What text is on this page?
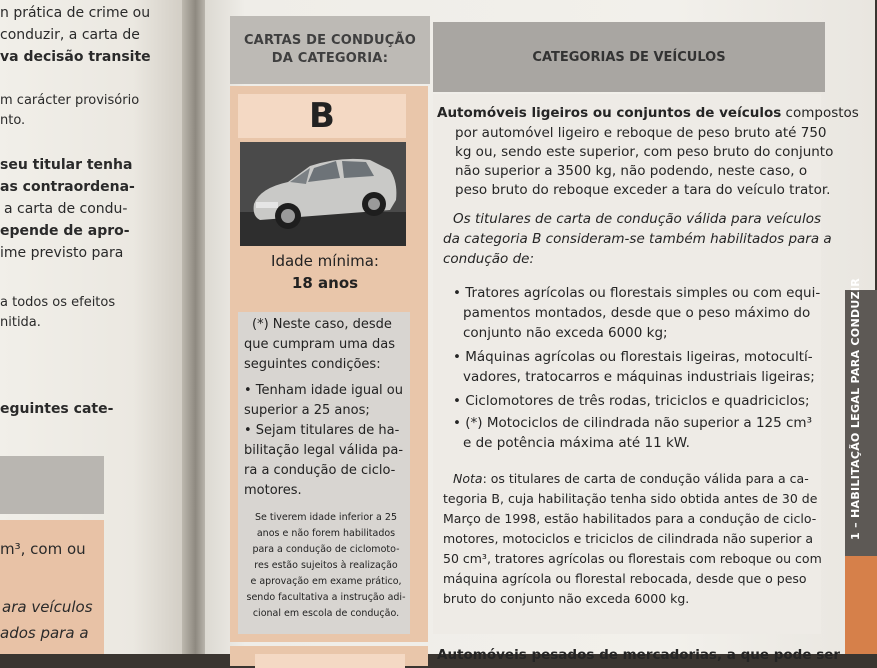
n prática de crime ou
conduzir, a carta de
va decisão transite
m carácter provisório
nto.
seu titular tenha
as contraordena-
a carta de condu-
epende de apro-
ime previsto para
a todos os efeitos
nitida.
eguintes cate-
m³, com ou
ara veículos
ados para a
CARTAS DE CONDUÇÃO
DA CATEGORIA:	CATEGORIAS DE VEÍCULOS
B
Idade mínima:
18 anos
(*) Neste caso, desde
que cumpram uma das
seguintes condições:
• Tenham idade igual ou
superior a 25 anos;
• Sejam titulares de ha-
bilitação legal válida pa-
ra a condução de ciclo-
motores.
Se tiverem idade inferior a 25
anos e não forem habilitados
para a condução de ciclomoto-
res estão sujeitos à realização
e aprovação em exame prático,
sendo facultativa a instrução adi-
cional em escola de condução.
Automóveis ligeiros ou conjuntos de veículos compostos
por automóvel ligeiro e reboque de peso bruto até 750
kg ou, sendo este superior, com peso bruto do conjunto
não superior a 3500 kg, não podendo, neste caso, o
peso bruto do reboque exceder a tara do veículo trator.
Os titulares de carta de condução válida para veículos
da categoria B consideram-se também habilitados para a
condução de:
• Tratores agrícolas ou florestais simples ou com equi-
pamentos montados, desde que o peso máximo do
conjunto não exceda 6000 kg;
• Máquinas agrícolas ou florestais ligeiras, motocultí-
vadores, tratocarros e máquinas industriais ligeiras;
• Ciclomotores de três rodas, triciclos e quadriciclos;
• (*) Motociclos de cilindrada não superior a 125 cm³
e de potência máxima até 11 kW.
Nota: os titulares de carta de condução válida para a ca-
tegoria B, cuja habilitação tenha sido obtida antes de 30 de
Março de 1998, estão habilitados para a condução de ciclo-
motores, motociclos e triciclos de cilindrada não superior a
50 cm³, tratores agrícolas ou florestais com reboque ou com
máquina agrícola ou florestal rebocada, desde que o peso
bruto do conjunto não exceda 6000 kg.
Automóveis pesados de mercadorias, a que pode ser
1 – HABILITAÇÃO LEGAL PARA CONDUZIR
